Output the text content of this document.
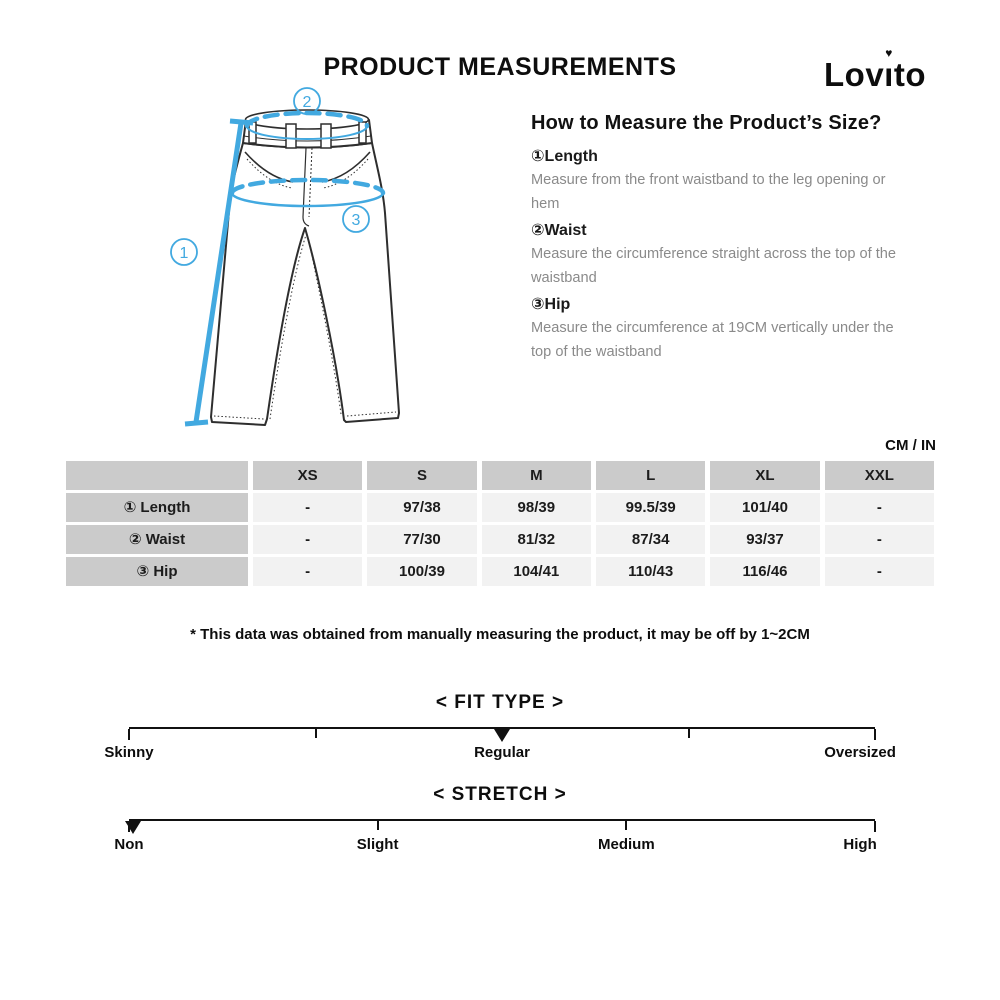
PRODUCT MEASUREMENTS	Lovı
♥
to
1
2
3
How to Measure the Product’s Size?
①Length
Measure from the front waistband to the leg opening or hem
②Waist
Measure the circumference straight across the top of the waistband
③Hip
Measure the circumference at 19CM vertically under the top of the waistband
CM / IN
XS	S	M	L	XL	XXL
① Length	-	97/38	98/39	99.5/39	101/40	-
② Waist	-	77/30	81/32	87/34	93/37	-
③ Hip	-	100/39	104/41	110/43	116/46	-
* This data was obtained from manually measuring the product, it may be off by 1~2CM
< FIT TYPE >
Skinny	Regular	Oversized
< STRETCH >
Non	Slight	Medium	High
